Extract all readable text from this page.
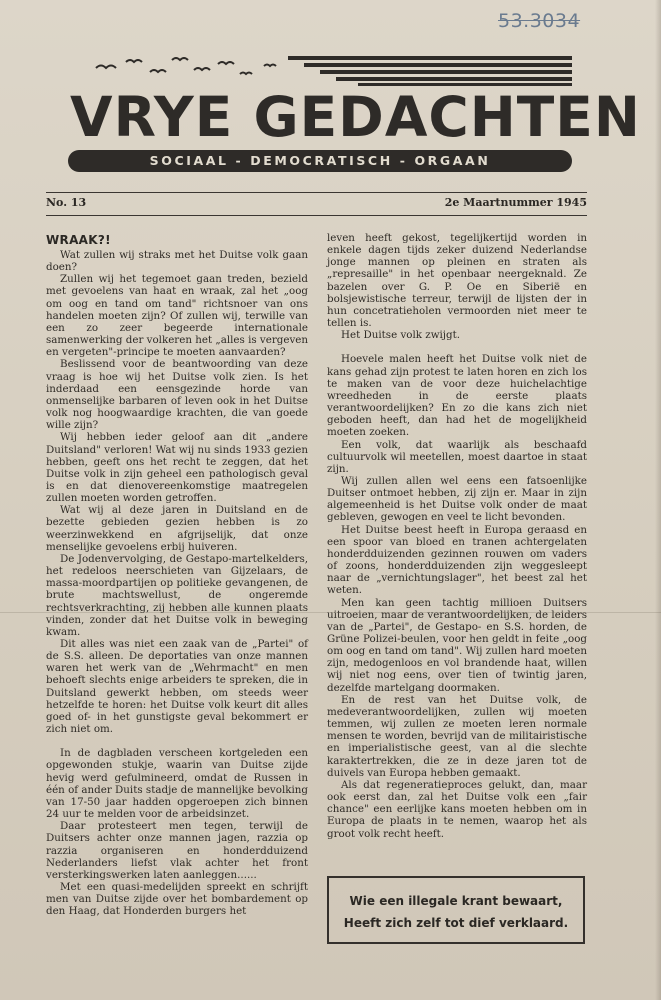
53.3034
VRYE GEDACHTEN
SOCIAAL - DEMOCRATISCH - ORGAAN
No. 13	2e Maartnummer 1945
WRAAK?!

Wat zullen wij straks met het Duitse volk gaan doen?

Zullen wij het tegemoet gaan treden, bezield met gevoelens van haat en wraak, zal het „oog om oog en tand om tand" richtsnoer van ons handelen moeten zijn? Of zullen wij, terwille van een zo zeer begeerde internationale samenwerking der volkeren het „alles is vergeven en vergeten"-principe te moeten aanvaarden?

Beslissend voor de beantwoording van deze vraag is hoe wij het Duitse volk zien. Is het inderdaad een eensgezinde horde van onmenselijke barbaren of leven ook in het Duitse volk nog hoogwaardige krachten, die van goede wille zijn?

Wij hebben ieder geloof aan dit „andere Duitsland" verloren! Wat wij nu sinds 1933 gezien hebben, geeft ons het recht te zeggen, dat het Duitse volk in zijn geheel een pathologisch geval is en dat dienovereenkomstige maatregelen zullen moeten worden getroffen.

Wat wij al deze jaren in Duitsland en de bezette gebieden gezien hebben is zo weerzinwekkend en afgrijselijk, dat onze menselijke gevoelens erbij huiveren.

De Jodenvervolging, de Gestapo-martelkelders, het redeloos neerschieten van Gijzelaars, de massa-moordpartijen op politieke gevangenen, de brute machtswellust, de ongeremde rechtsverkrachting, zij hebben alle kunnen plaats vinden, zonder dat het Duitse volk in beweging kwam.

Dit alles was niet een zaak van de „Partei" of de S.S. alleen. De deportaties van onze mannen waren het werk van de „Wehrmacht" en men behoeft slechts enige arbeiders te spreken, die in Duitsland gewerkt hebben, om steeds weer hetzelfde te horen: het Duitse volk keurt dit alles goed of- in het gunstigste geval bekommert er zich niet om.

In de dagbladen verscheen kortgeleden een opgewonden stukje, waarin van Duitse zijde hevig werd gefulmineerd, omdat de Russen in één of ander Duits stadje de mannelijke bevolking van 17-50 jaar hadden opgeroepen zich binnen 24 uur te melden voor de arbeidsinzet.

Daar protesteert men tegen, terwijl de Duitsers achter onze mannen jagen, razzia op razzia organiseren en honderdduizend Nederlanders liefst vlak achter het front versterkingswerken laten aanleggen......

Met een quasi-medelijden spreekt en schrijft men van Duitse zijde over het bombardement op den Haag, dat Honderden burgers het

leven heeft gekost, tegelijkertijd worden in enkele dagen tijds zeker duizend Nederlandse jonge mannen op pleinen en straten als „represaille" in het openbaar neergeknald. Ze bazelen over G. P. Oe en Siberië en bolsjewistische terreur, terwijl de lijsten der in hun concetratieholen vermoorden niet meer te tellen is.

Het Duitse volk zwijgt.

Hoevele malen heeft het Duitse volk niet de kans gehad zijn protest te laten horen en zich los te maken van de voor deze huichelachtige wreedheden in de eerste plaats verantwoordelijken? En zo die kans zich niet geboden heeft, dan had het de mogelijkheid moeten zoeken.

Een volk, dat waarlijk als beschaafd cultuurvolk wil meetellen, moest daartoe in staat zijn.

Wij zullen allen wel eens een fatsoenlijke Duitser ontmoet hebben, zij zijn er. Maar in zijn algemeenheid is het Duitse volk onder de maat gebleven, gewogen en veel te licht bevonden.

Het Duitse beest heeft in Europa geraasd en een spoor van bloed en tranen achtergelaten honderdduizenden gezinnen rouwen om vaders of zoons, honderdduizenden zijn weggesleept naar de „vernichtungslager", het beest zal het weten.

Men kan geen tachtig millioen Duitsers uitroeien, maar de verantwoordelijken, de leiders van de „Partei", de Gestapo- en S.S. horden, de Grüne Polizei-beulen, voor hen geldt in feite „oog om oog en tand om tand". Wij zullen hard moeten zijn, medogenloos en vol brandende haat, willen wij niet nog eens, over tien of twintig jaren, dezelfde martelgang doormaken.

En de rest van het Duitse volk, de medeverantwoordelijken, zullen wij moeten temmen, wij zullen ze moeten leren normale mensen te worden, bevrijd van de militairistische en imperialistische geest, van al die slechte karaktertrekken, die ze in deze jaren tot de duivels van Europa hebben gemaakt.

Als dat regeneratieproces gelukt, dan, maar ook eerst dan, zal het Duitse volk een „fair chance" een eerlijke kans moeten hebben om in Europa de plaats in te nemen, waarop het als groot volk recht heeft.

Wie een illegale krant bewaart,
Heeft zich zelf tot dief verklaard.
